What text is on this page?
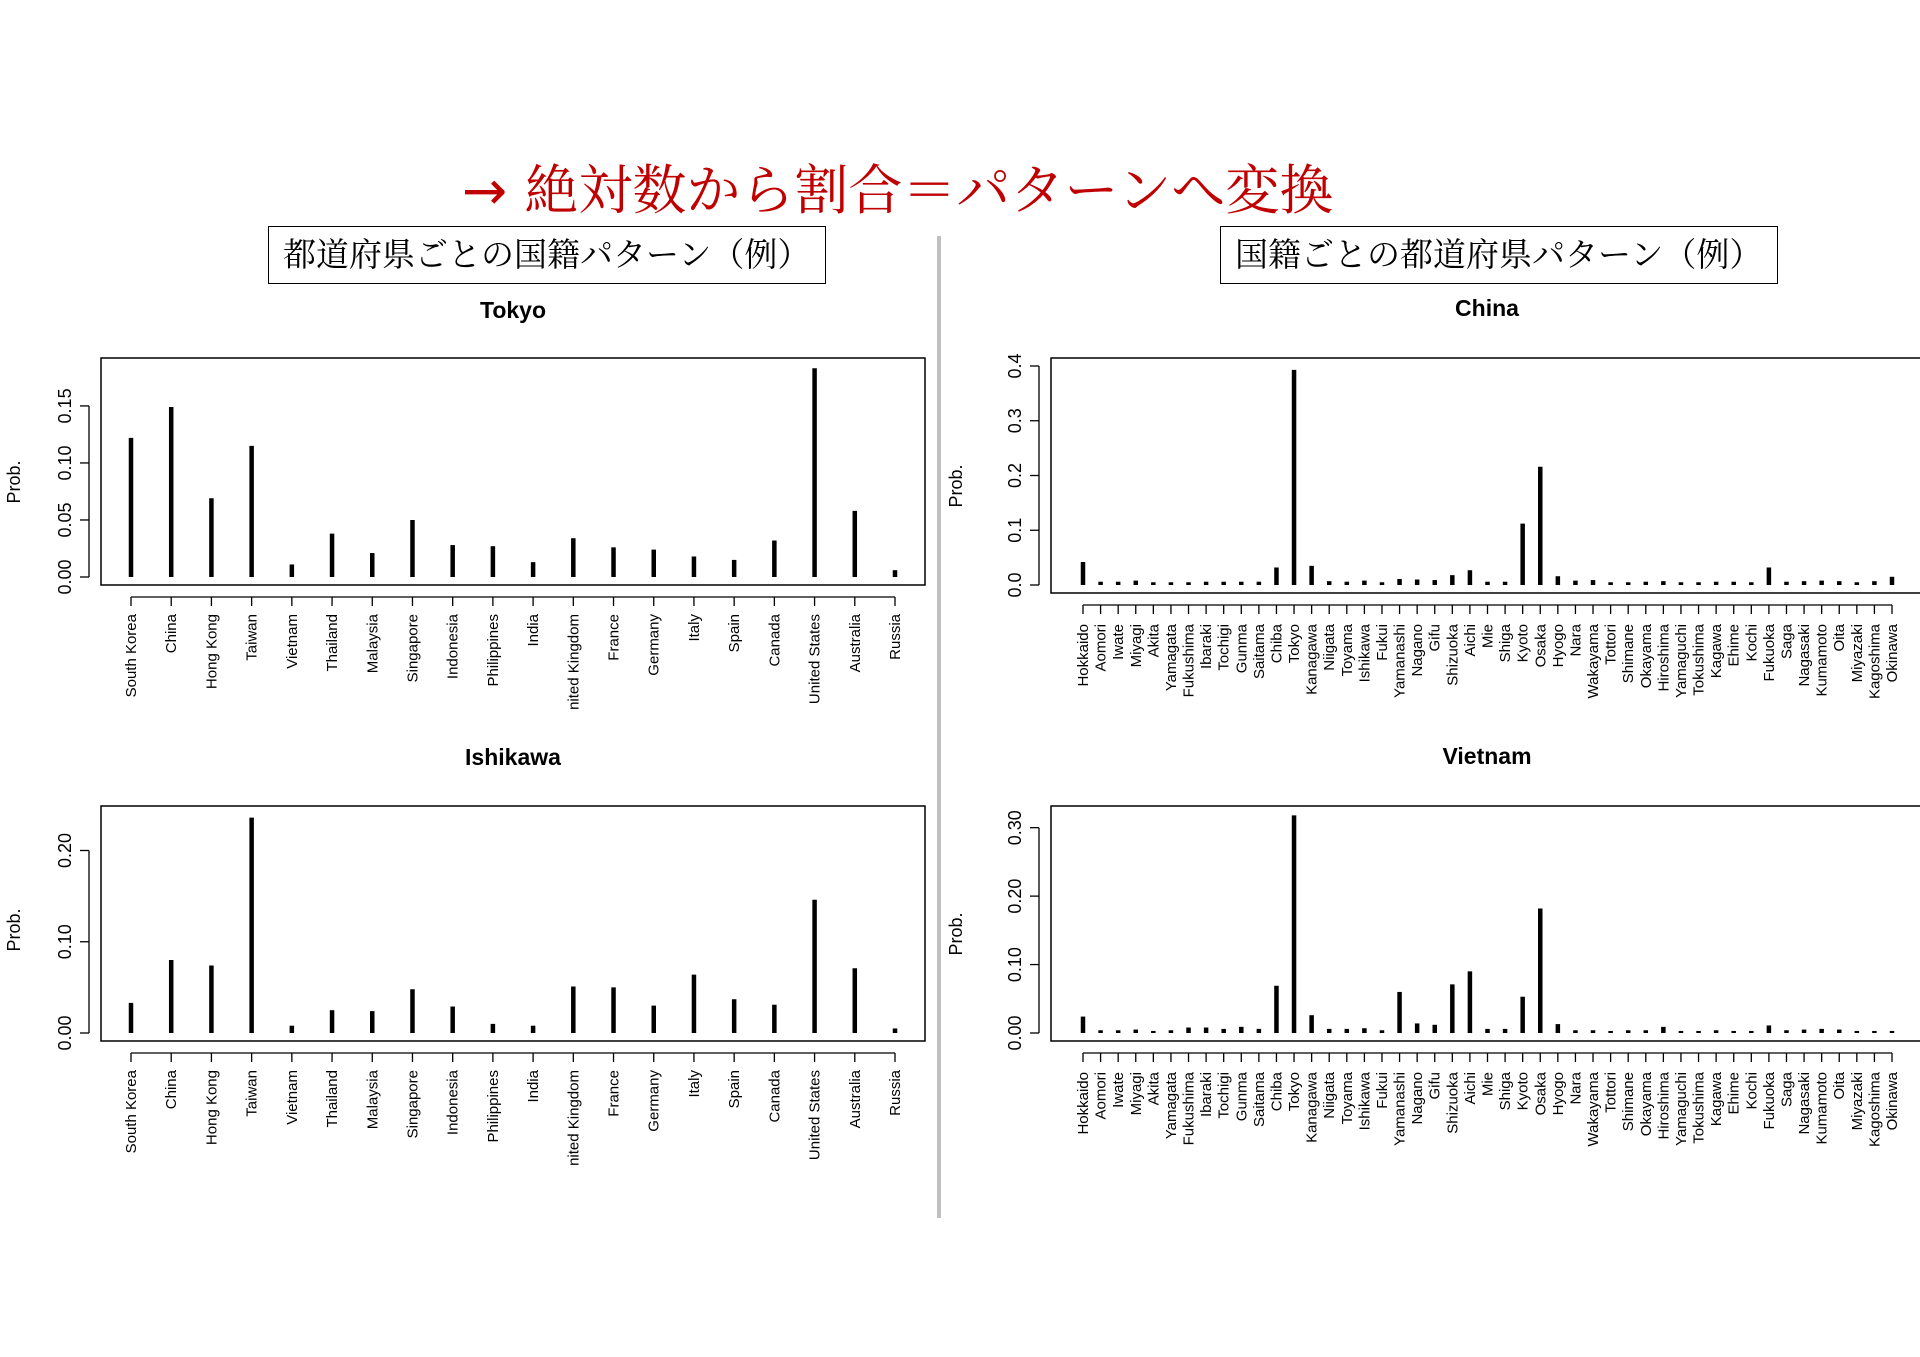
→ 絶対数から割合＝パターンへ変換
都道府県ごとの国籍パターン（例）	国籍ごとの都道府県パターン（例）
Tokyo
0.00
0.05
0.10
0.15
Prob.
South Korea China Hong Kong Taiwan Vietnam Thailand Malaysia Singapore Indonesia Philippines India nited Kingdom France Germany Italy Spain Canada United States Australia Russia
Ishikawa
0.00
0.10
0.20
Prob.
South Korea China Hong Kong Taiwan Vietnam Thailand Malaysia Singapore Indonesia Philippines India nited Kingdom France Germany Italy Spain Canada United States Australia Russia
China
0.0
0.1
0.2
0.3
0.4
Prob.
Hokkaido Aomori Iwate Miyagi Akita Yamagata Fukushima Ibaraki Tochigi Gunma Saitama Chiba Tokyo Kanagawa Niigata Toyama Ishikawa Fukui Yamanashi Nagano Gifu Shizuoka Aichi Mie Shiga Kyoto Osaka Hyogo Nara Wakayama Tottori Shimane Okayama Hiroshima Yamaguchi Tokushima Kagawa Ehime Kochi Fukuoka Saga Nagasaki Kumamoto Oita Miyazaki Kagoshima Okinawa
Vietnam
0.00
0.10
0.20
0.30
Prob.
Hokkaido Aomori Iwate Miyagi Akita Yamagata Fukushima Ibaraki Tochigi Gunma Saitama Chiba Tokyo Kanagawa Niigata Toyama Ishikawa Fukui Yamanashi Nagano Gifu Shizuoka Aichi Mie Shiga Kyoto Osaka Hyogo Nara Wakayama Tottori Shimane Okayama Hiroshima Yamaguchi Tokushima Kagawa Ehime Kochi Fukuoka Saga Nagasaki Kumamoto Oita Miyazaki Kagoshima Okinawa
